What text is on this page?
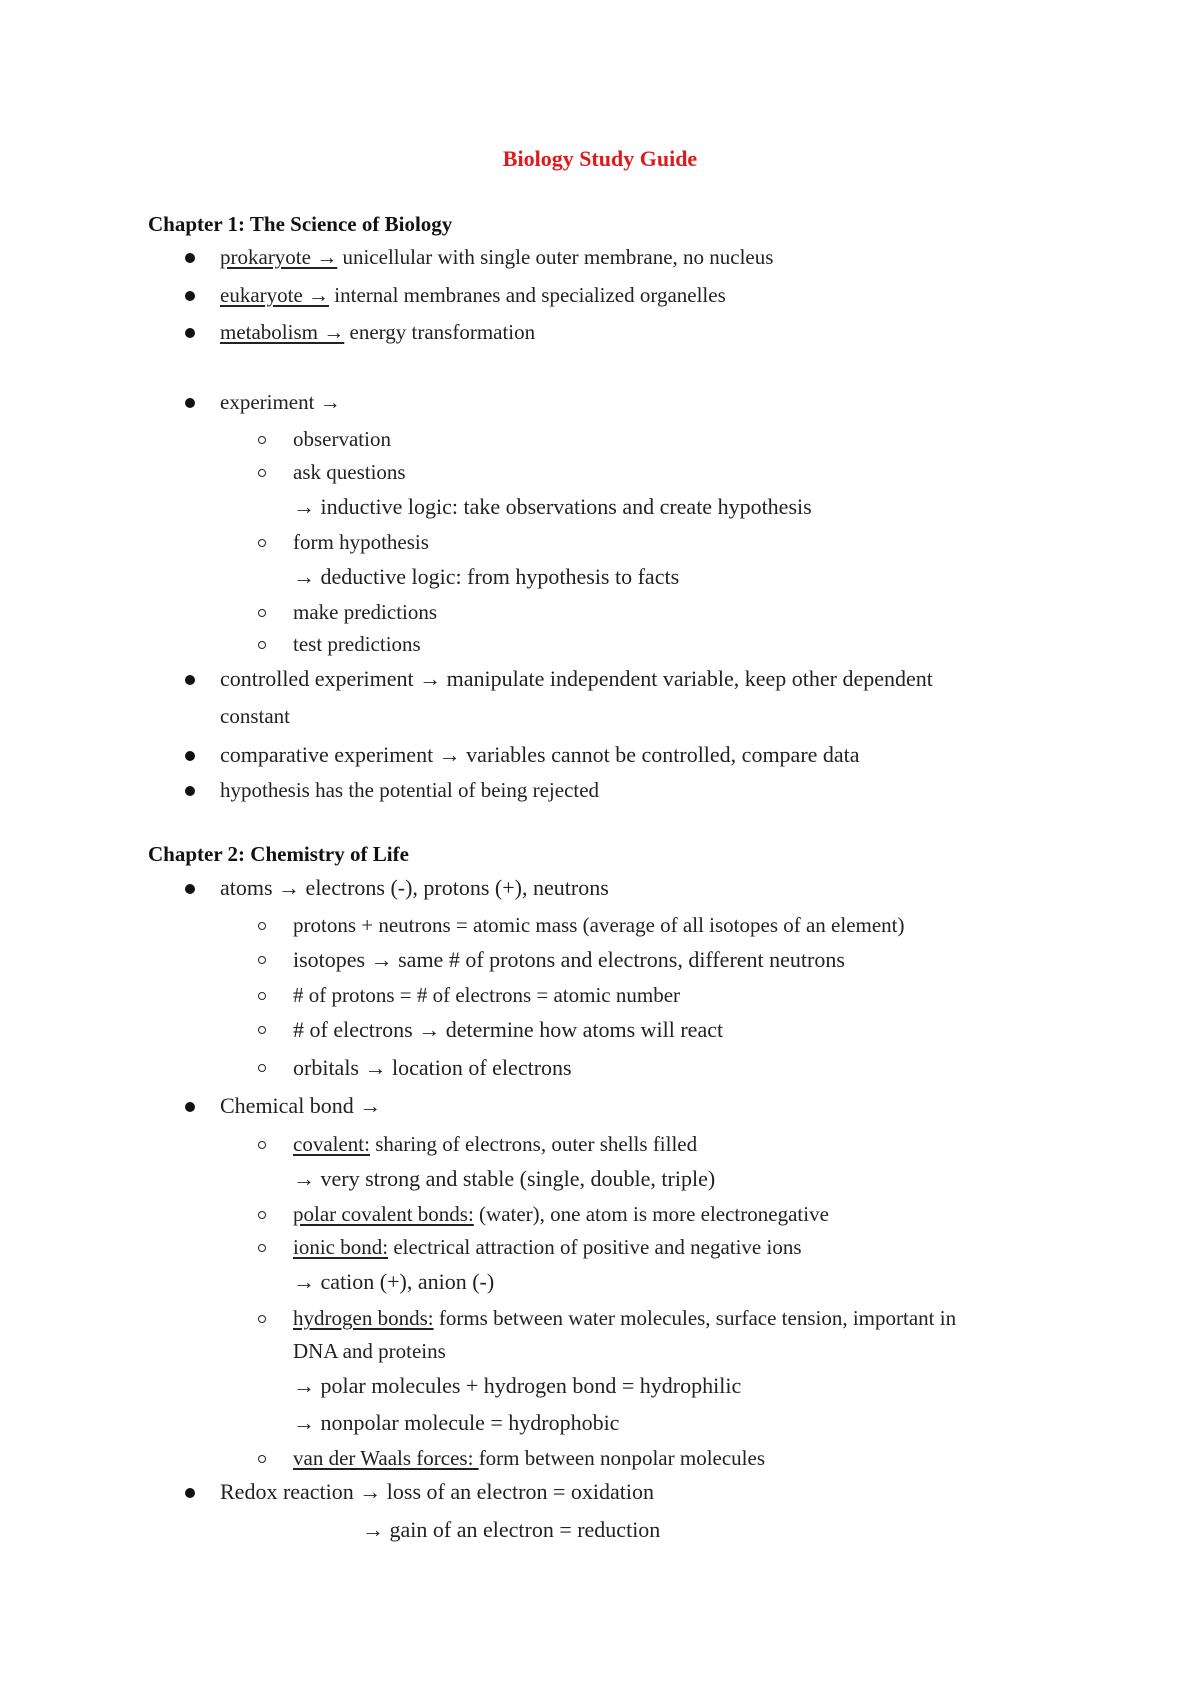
Biology Study Guide
Chapter 1: The Science of Biology
prokaryote → unicellular with single outer membrane, no nucleus
eukaryote → internal membranes and specialized organelles
metabolism → energy transformation
experiment →
observation
ask questions
→ inductive logic: take observations and create hypothesis
form hypothesis
→ deductive logic: from hypothesis to facts
make predictions
test predictions
controlled experiment → manipulate independent variable, keep other dependent
constant
comparative experiment → variables cannot be controlled, compare data
hypothesis has the potential of being rejected
Chapter 2: Chemistry of Life
atoms → electrons (-), protons (+), neutrons
protons + neutrons = atomic mass (average of all isotopes of an element)
isotopes → same # of protons and electrons, different neutrons
# of protons = # of electrons = atomic number
# of electrons → determine how atoms will react
orbitals → location of electrons
Chemical bond →
covalent: sharing of electrons, outer shells filled
→ very strong and stable (single, double, triple)
polar covalent bonds: (water), one atom is more electronegative
ionic bond: electrical attraction of positive and negative ions
→ cation (+), anion (-)
hydrogen bonds: forms between water molecules, surface tension, important in
DNA and proteins
→ polar molecules + hydrogen bond = hydrophilic
→ nonpolar molecule = hydrophobic
van der Waals forces: form between nonpolar molecules
Redox reaction → loss of an electron = oxidation
→ gain of an electron = reduction
